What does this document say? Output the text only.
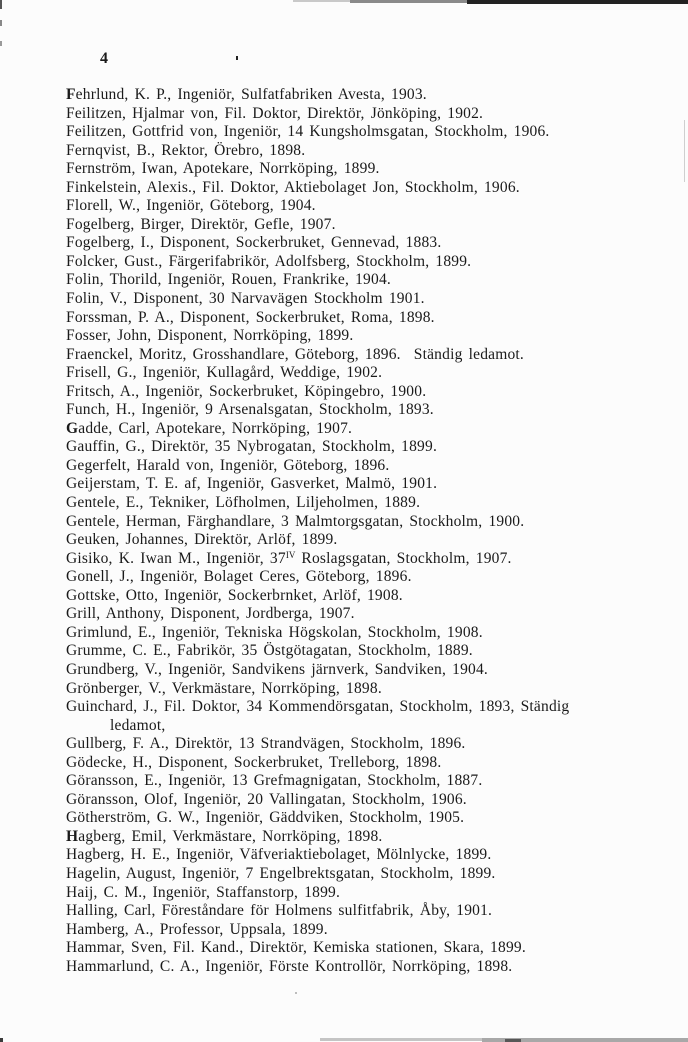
4
Fehrlund, K. P., Ingeniör, Sulfatfabriken Avesta, 1903.
Feilitzen, Hjalmar von, Fil. Doktor, Direktör, Jönköping, 1902.
Feilitzen, Gottfrid von, Ingeniör, 14 Kungsholmsgatan, Stockholm, 1906.
Fernqvist, B., Rektor, Örebro, 1898.
Fernström, Iwan, Apotekare, Norrköping, 1899.
Finkelstein, Alexis., Fil. Doktor, Aktiebolaget Jon, Stockholm, 1906.
Florell, W., Ingeniör, Göteborg, 1904.
Fogelberg, Birger, Direktör, Gefle, 1907.
Fogelberg, I., Disponent, Sockerbruket, Gennevad, 1883.
Folcker, Gust., Färgerifabrikör, Adolfsberg, Stockholm, 1899.
Folin, Thorild, Ingeniör, Rouen, Frankrike, 1904.
Folin, V., Disponent, 30 Narvavägen Stockholm 1901.
Forssman, P. A., Disponent, Sockerbruket, Roma, 1898.
Fosser, John, Disponent, Norrköping, 1899.
Fraenckel, Moritz, Grosshandlare, Göteborg, 1896. Ständig ledamot.
Frisell, G., Ingeniör, Kullagård, Weddige, 1902.
Fritsch, A., Ingeniör, Sockerbruket, Köpingebro, 1900.
Funch, H., Ingeniör, 9 Arsenalsgatan, Stockholm, 1893.
Gadde, Carl, Apotekare, Norrköping, 1907.
Gauffin, G., Direktör, 35 Nybrogatan, Stockholm, 1899.
Gegerfelt, Harald von, Ingeniör, Göteborg, 1896.
Geijerstam, T. E. af, Ingeniör, Gasverket, Malmö, 1901.
Gentele, E., Tekniker, Löfholmen, Liljeholmen, 1889.
Gentele, Herman, Färghandlare, 3 Malmtorgsgatan, Stockholm, 1900.
Geuken, Johannes, Direktör, Arlöf, 1899.
Gisiko, K. Iwan M., Ingeniör, $37^{IV}$ Roslagsgatan, Stockholm, 1907.
Gonell, J., Ingeniör, Bolaget Ceres, Göteborg, 1896.
Gottske, Otto, Ingeniör, Sockerbrnket, Arlöf, 1908.
Grill, Anthony, Disponent, Jordberga, 1907.
Grimlund, E., Ingeniör, Tekniska Högskolan, Stockholm, 1908.
Grumme, C. E., Fabrikör, 35 Östgötagatan, Stockholm, 1889.
Grundberg, V., Ingeniör, Sandvikens järnverk, Sandviken, 1904.
Grönberger, V., Verkmästare, Norrköping, 1898.
Guinchard, J., Fil. Doktor, 34 Kommendörsgatan, Stockholm, 1893, Ständig
ledamot,
Gullberg, F. A., Direktör, 13 Strandvägen, Stockholm, 1896.
Gödecke, H., Disponent, Sockerbruket, Trelleborg, 1898.
Göransson, E., Ingeniör, 13 Grefmagnigatan, Stockholm, 1887.
Göransson, Olof, Ingeniör, 20 Vallingatan, Stockholm, 1906.
Götherström, G. W., Ingeniör, Gäddviken, Stockholm, 1905.
Hagberg, Emil, Verkmästare, Norrköping, 1898.
Hagberg, H. E., Ingeniör, Väfveriaktiebolaget, Mölnlycke, 1899.
Hagelin, August, Ingeniör, 7 Engelbrektsgatan, Stockholm, 1899.
Haij, C. M., Ingeniör, Staffanstorp, 1899.
Halling, Carl, Föreståndare för Holmens sulfitfabrik, Åby, 1901.
Hamberg, A., Professor, Uppsala, 1899.
Hammar, Sven, Fil. Kand., Direktör, Kemiska stationen, Skara, 1899.
Hammarlund, C. A., Ingeniör, Förste Kontrollör, Norrköping, 1898.
